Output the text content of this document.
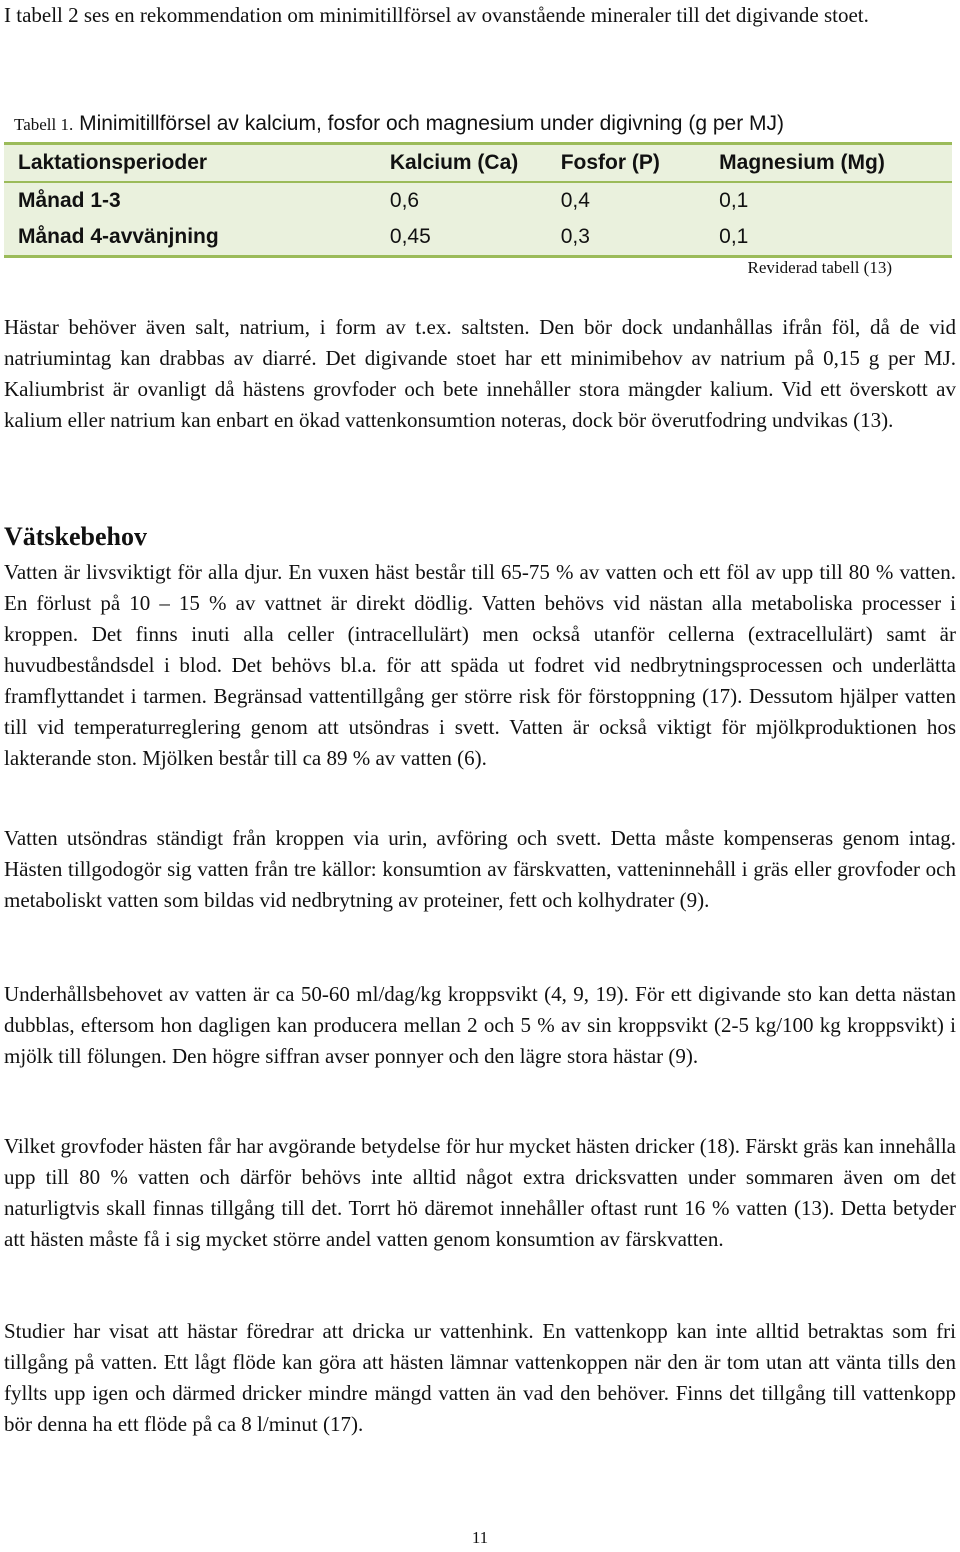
I tabell 2 ses en rekommendation om minimitillförsel av ovanstående mineraler till det digivande stoet.

Tabell 1. Minimitillförsel av kalcium, fosfor och magnesium under digivning (g per MJ)
Laktationsperioder	Kalcium (Ca)	Fosfor (P)	Magnesium (Mg)
Månad 1-3	0,6	0,4	0,1
Månad 4-avvänjning	0,45	0,3	0,1
Reviderad tabell (13)

Hästar behöver även salt, natrium, i form av t.ex. saltsten. Den bör dock undanhållas ifrån föl, då de vid natriumintag kan drabbas av diarré. Det digivande stoet har ett minimibehov av natrium på 0,15 g per MJ. Kaliumbrist är ovanligt då hästens grovfoder och bete innehåller stora mängder kalium. Vid ett överskott av kalium eller natrium kan enbart en ökad vattenkonsumtion noteras, dock bör överutfodring undvikas (13).

Vätskebehov

Vatten är livsviktigt för alla djur. En vuxen häst består till 65-75 % av vatten och ett föl av upp till 80 % vatten. En förlust på 10 – 15 % av vattnet är direkt dödlig. Vatten behövs vid nästan alla metaboliska processer i kroppen. Det finns inuti alla celler (intracellulärt) men också utanför cellerna (extracellulärt) samt är huvudbeståndsdel i blod. Det behövs bl.a. för att späda ut fodret vid nedbrytningsprocessen och underlätta framflyttandet i tarmen. Begränsad vattentillgång ger större risk för förstoppning (17). Dessutom hjälper vatten till vid temperaturreglering genom att utsöndras i svett. Vatten är också viktigt för mjölkproduktionen hos lakterande ston. Mjölken består till ca 89 % av vatten (6).

Vatten utsöndras ständigt från kroppen via urin, avföring och svett. Detta måste kompenseras genom intag. Hästen tillgodogör sig vatten från tre källor: konsumtion av färskvatten, vatteninnehåll i gräs eller grovfoder och metaboliskt vatten som bildas vid nedbrytning av proteiner, fett och kolhydrater (9).

Underhållsbehovet av vatten är ca 50-60 ml/dag/kg kroppsvikt (4, 9, 19). För ett digivande sto kan detta nästan dubblas, eftersom hon dagligen kan producera mellan 2 och 5 % av sin kroppsvikt (2-5 kg/100 kg kroppsvikt) i mjölk till fölungen. Den högre siffran avser ponnyer och den lägre stora hästar (9).

Vilket grovfoder hästen får har avgörande betydelse för hur mycket hästen dricker (18). Färskt gräs kan innehålla upp till 80 % vatten och därför behövs inte alltid något extra dricksvatten under sommaren även om det naturligtvis skall finnas tillgång till det. Torrt hö däremot innehåller oftast runt 16 % vatten (13). Detta betyder att hästen måste få i sig mycket större andel vatten genom konsumtion av färskvatten.

Studier har visat att hästar föredrar att dricka ur vattenhink. En vattenkopp kan inte alltid betraktas som fri tillgång på vatten. Ett lågt flöde kan göra att hästen lämnar vattenkoppen när den är tom utan att vänta tills den fyllts upp igen och därmed dricker mindre mängd vatten än vad den behöver. Finns det tillgång till vattenkopp bör denna ha ett flöde på ca 8 l/minut (17).

11
